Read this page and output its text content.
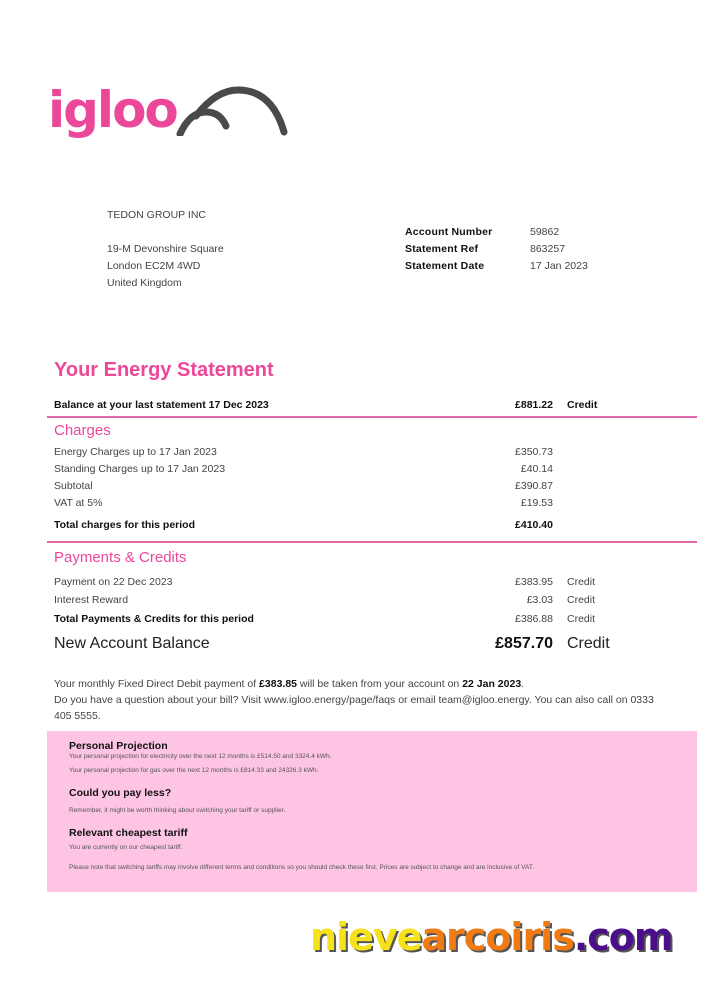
igloo
TEDON GROUP INC
19-M Devonshire Square
London EC2M 4WD
United Kingdom
Account Number	59862
Statement Ref	863257
Statement Date	17 Jan 2023
Your Energy Statement
Balance at your last statement 17 Dec 2023	£881.22 Credit
Charges
Energy Charges up to 17 Jan 2023	£350.73
Standing Charges up to 17 Jan 2023	£40.14
Subtotal	£390.87
VAT at 5%	£19.53
Total charges for this period	£410.40
Payments & Credits
Payment on 22 Dec 2023	£383.95 Credit
Interest Reward	£3.03 Credit
Total Payments & Credits for this period	£386.88 Credit
New Account Balance	£857.70 Credit
Your monthly Fixed Direct Debit payment of £383.85 will be taken from your account on 22 Jan 2023.
Do you have a question about your bill? Visit www.igloo.energy/page/faqs or email team@igloo.energy. You can also call on 0333 405 5555.
Personal Projection
Your personal projection for electricity over the next 12 months is £514.50 and 3324.4 kWh.
Your personal projection for gas over the next 12 months is £814.33 and 24326.3 kWh.
Could you pay less?
Remember, it might be worth thinking about switching your tariff or supplier.
Relevant cheapest tariff
You are currently on our cheapest tariff.
Please note that switching tariffs may involve different terms and conditions so you should check these first. Prices are subject to change and are inclusive of VAT.
nievearcoiris.com
